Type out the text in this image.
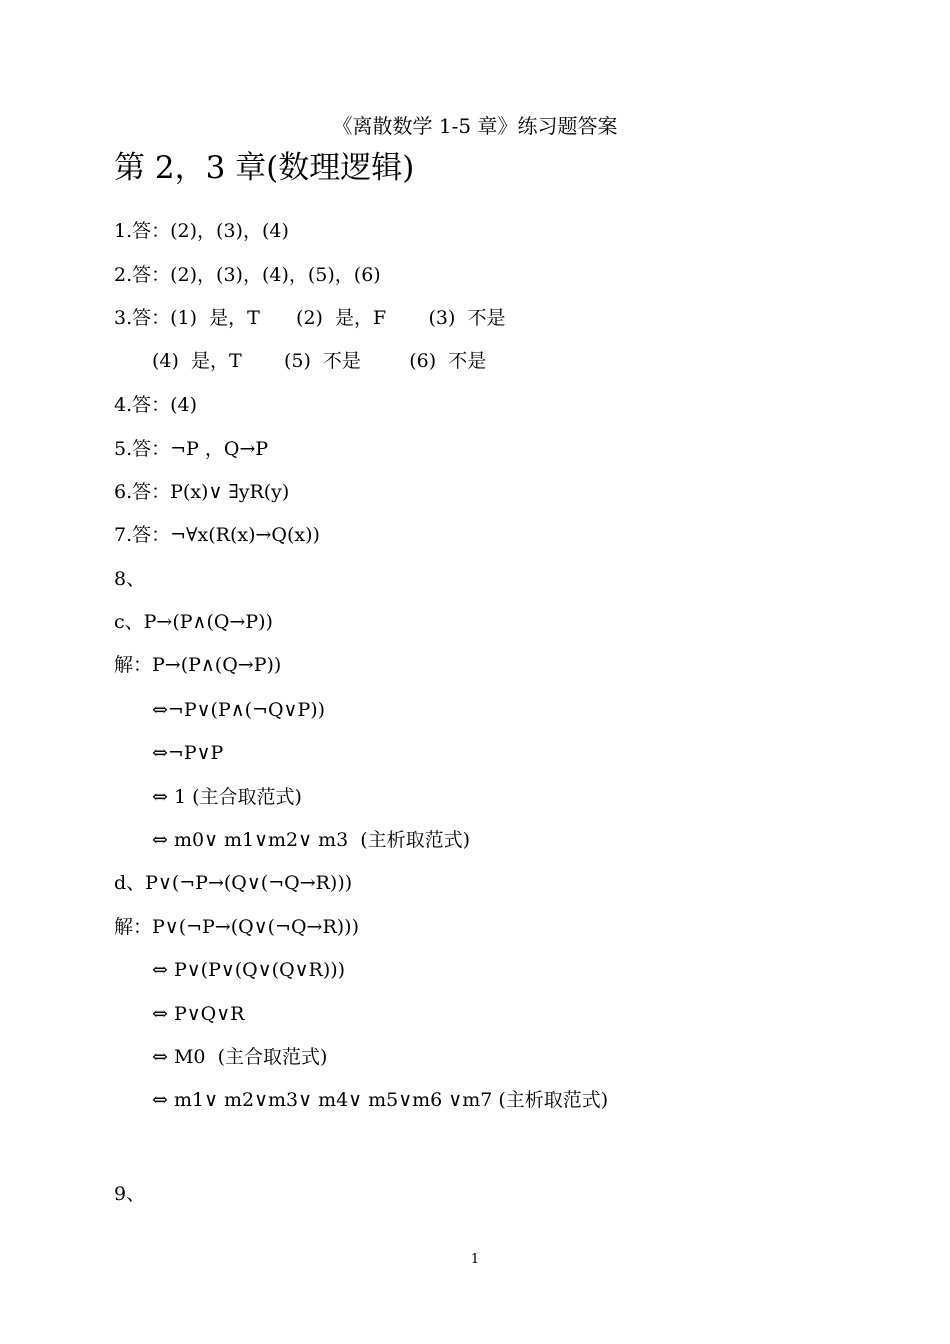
《离散数学 1-5 章》练习题答案
第 2，3 章(数理逻辑)
1.答：(2)，(3)，(4)
2.答：(2)，(3)，(4)，(5)，(6)
3.答：(1)  是，T      (2)  是，F       (3)  不是
(4)  是，T       (5)  不是        (6)  不是
4.答：(4)
5.答：¬P ，Q→P
6.答：P(x)∨ ∃yR(y)
7.答：¬∀x(R(x)→Q(x))
8、
c、P→(P∧(Q→P))
解：P→(P∧(Q→P))
⇔¬P∨(P∧(¬Q∨P))
⇔¬P∨P
⇔ 1 (主合取范式)
⇔ m0∨ m1∨m2∨ m3  (主析取范式)
d、P∨(¬P→(Q∨(¬Q→R)))
解：P∨(¬P→(Q∨(¬Q→R)))
⇔ P∨(P∨(Q∨(Q∨R)))
⇔ P∨Q∨R
⇔ M0  (主合取范式)
⇔ m1∨ m2∨m3∨ m4∨ m5∨m6 ∨m7 (主析取范式)
9、
1
